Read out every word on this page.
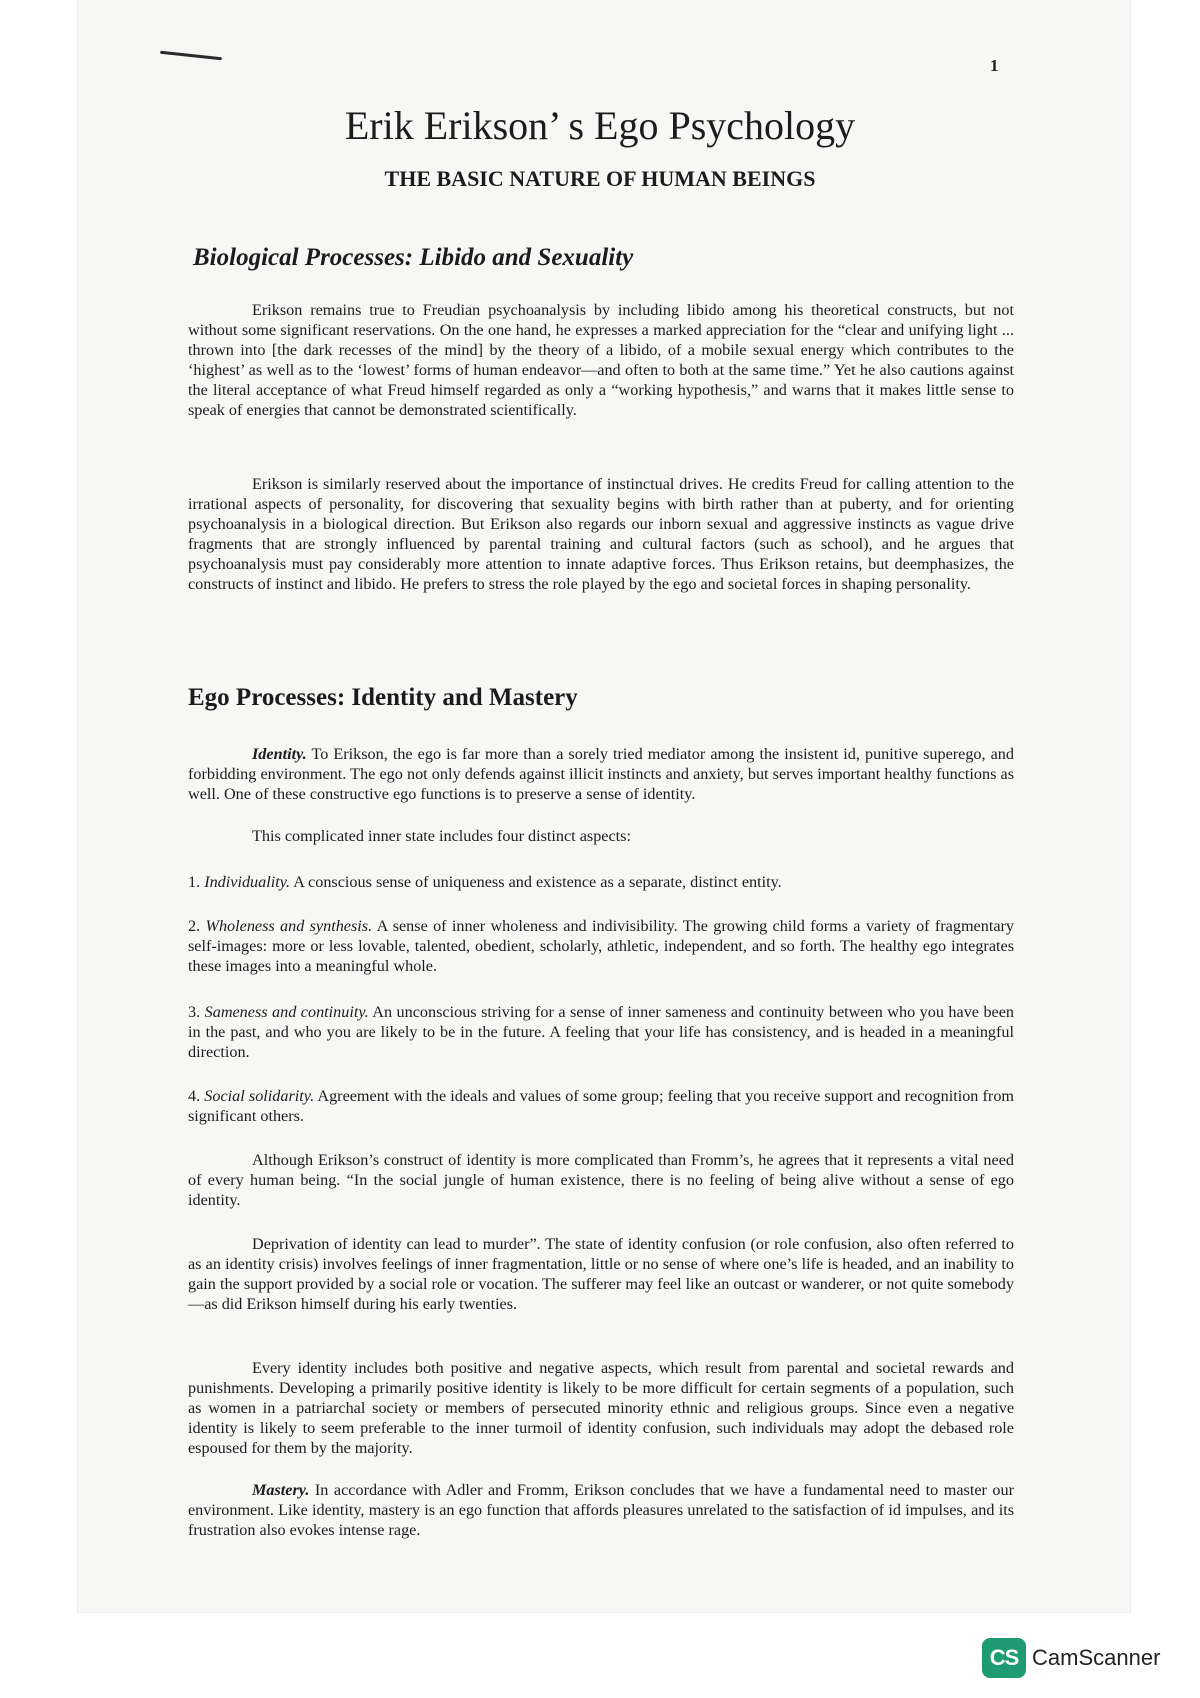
1
Erik Erikson’ s Ego Psychology
THE BASIC NATURE OF HUMAN BEINGS
Biological Processes: Libido and Sexuality

Erikson remains true to Freudian psychoanalysis by including libido among his theoretical constructs, but not without some significant reservations. On the one hand, he expresses a marked appreciation for the “clear and unifying light ... thrown into [the dark recesses of the mind] by the theory of a libido, of a mobile sexual energy which contributes to the ‘highest’ as well as to the ‘lowest’ forms of human endeavor—and often to both at the same time.” Yet he also cautions against the literal acceptance of what Freud himself regarded as only a “working hypothesis,” and warns that it makes little sense to speak of energies that cannot be demonstrated scientifically.

Erikson is similarly reserved about the importance of instinctual drives. He credits Freud for calling attention to the irrational aspects of personality, for discovering that sexuality begins with birth rather than at puberty, and for orienting psychoanalysis in a biological direction. But Erikson also regards our inborn sexual and aggressive instincts as vague drive fragments that are strongly influenced by parental training and cultural factors (such as school), and he argues that psychoanalysis must pay considerably more attention to innate adaptive forces. Thus Erikson retains, but deemphasizes, the constructs of instinct and libido. He prefers to stress the role played by the ego and societal forces in shaping personality.

Ego Processes: Identity and Mastery

Identity. To Erikson, the ego is far more than a sorely tried mediator among the insistent id, punitive superego, and forbidding environment. The ego not only defends against illicit instincts and anxiety, but serves important healthy functions as well. One of these constructive ego functions is to preserve a sense of identity.

This complicated inner state includes four distinct aspects:

1. Individuality. A conscious sense of uniqueness and existence as a separate, distinct entity.

2. Wholeness and synthesis. A sense of inner wholeness and indivisibility. The growing child forms a variety of fragmentary self-images: more or less lovable, talented, obedient, scholarly, athletic, independent, and so forth. The healthy ego integrates these images into a meaningful whole.

3. Sameness and continuity. An unconscious striving for a sense of inner sameness and continuity between who you have been in the past, and who you are likely to be in the future. A feeling that your life has consistency, and is headed in a meaningful direction.

4. Social solidarity. Agreement with the ideals and values of some group; feeling that you receive support and recognition from significant others.

Although Erikson’s construct of identity is more complicated than Fromm’s, he agrees that it represents a vital need of every human being. “In the social jungle of human existence, there is no feeling of being alive without a sense of ego identity.

Deprivation of identity can lead to murder”. The state of identity confusion (or role confusion, also often referred to as an identity crisis) involves feelings of inner fragmentation, little or no sense of where one’s life is headed, and an inability to gain the support provided by a social role or vocation. The sufferer may feel like an outcast or wanderer, or not quite somebody—as did Erikson himself during his early twenties.

Every identity includes both positive and negative aspects, which result from parental and societal rewards and punishments. Developing a primarily positive identity is likely to be more difficult for certain segments of a population, such as women in a patriarchal society or members of persecuted minority ethnic and religious groups. Since even a negative identity is likely to seem preferable to the inner turmoil of identity confusion, such individuals may adopt the debased role espoused for them by the majority.

Mastery. In accordance with Adler and Fromm, Erikson concludes that we have a fundamental need to master our environment. Like identity, mastery is an ego function that affords pleasures unrelated to the satisfaction of id impulses, and its frustration also evokes intense rage.

CS CamScanner
